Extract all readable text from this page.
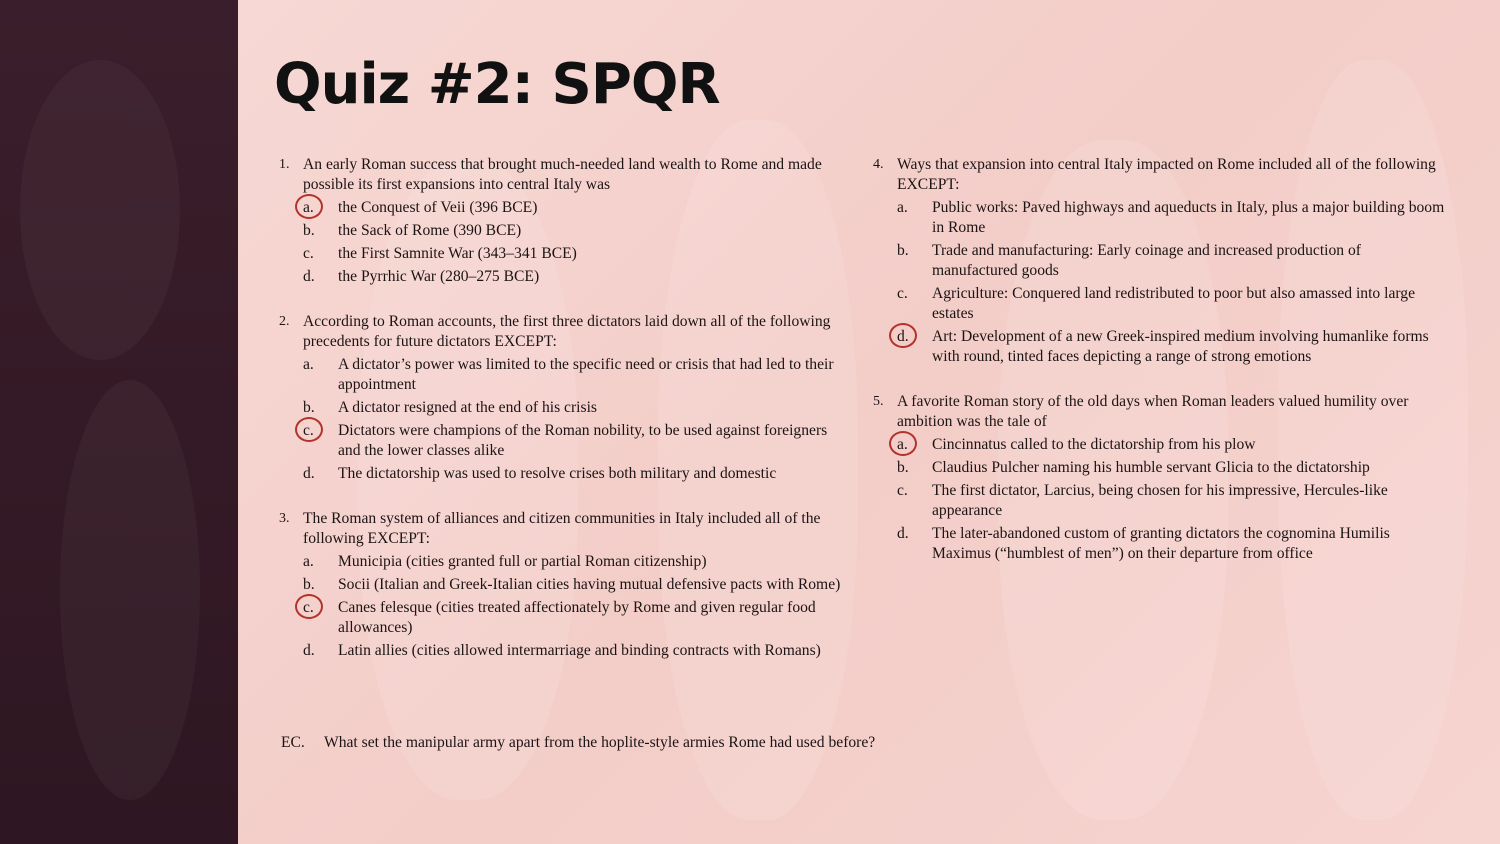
Quiz #2: SPQR
1. An early Roman success that brought much-needed land wealth to Rome and made possible its first expansions into central Italy was
a.	the Conquest of Veii (396 BCE)
b.	the Sack of Rome (390 BCE)
c.	the First Samnite War (343–341 BCE)
d.	the Pyrrhic War (280–275 BCE)
2. According to Roman accounts, the first three dictators laid down all of the following precedents for future dictators EXCEPT:
a.	A dictator’s power was limited to the specific need or crisis that had led to their appointment
b.	A dictator resigned at the end of his crisis
c.	Dictators were champions of the Roman nobility, to be used against foreigners and the lower classes alike
d.	The dictatorship was used to resolve crises both military and domestic
3. The Roman system of alliances and citizen communities in Italy included all of the following EXCEPT:
a.	Municipia (cities granted full or partial Roman citizenship)
b.	Socii (Italian and Greek-Italian cities having mutual defensive pacts with Rome)
c.	Canes felesque (cities treated affectionately by Rome and given regular food allowances)
d.	Latin allies (cities allowed intermarriage and binding contracts with Romans)
4. Ways that expansion into central Italy impacted on Rome included all of the following EXCEPT:
a.	Public works: Paved highways and aqueducts in Italy, plus a major building boom in Rome
b.	Trade and manufacturing: Early coinage and increased production of manufactured goods
c.	Agriculture: Conquered land redistributed to poor but also amassed into large estates
d.	Art: Development of a new Greek-inspired medium involving humanlike forms with round, tinted faces depicting a range of strong emotions
5. A favorite Roman story of the old days when Roman leaders valued humility over ambition was the tale of
a.	Cincinnatus called to the dictatorship from his plow
b.	Claudius Pulcher naming his humble servant Glicia to the dictatorship
c.	The first dictator, Larcius, being chosen for his impressive, Hercules-like appearance
d.	The later-abandoned custom of granting dictators the cognomina Humilis Maximus (“humblest of men”) on their departure from office
EC.	What set the manipular army apart from the hoplite-style armies Rome had used before?
